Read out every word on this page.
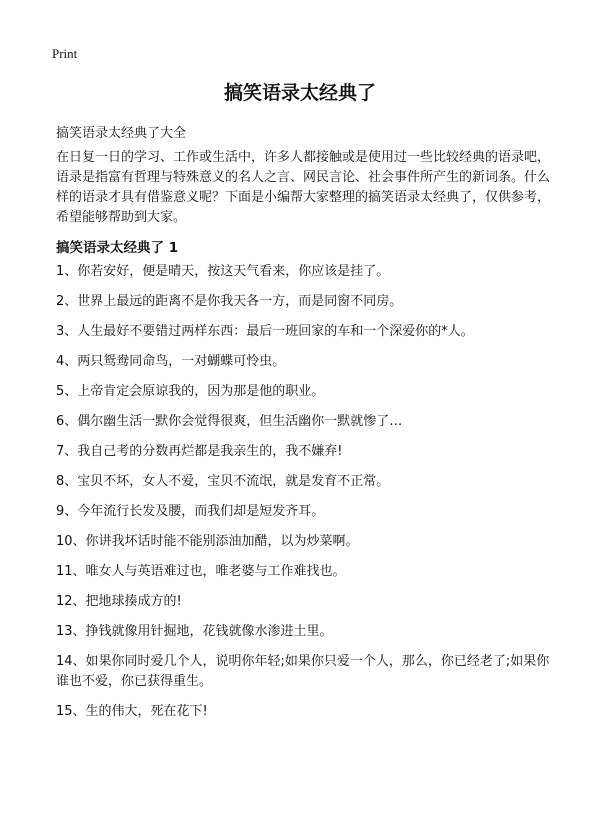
Print
搞笑语录太经典了

搞笑语录太经典了大全

在日复一日的学习、工作或生活中，许多人都接触或是使用过一些比较经典的语录吧，语录是指富有哲理与特殊意义的名人之言、网民言论、社会事件所产生的新词条。什么样的语录才具有借鉴意义呢？下面是小编帮大家整理的搞笑语录太经典了，仅供参考，希望能够帮助到大家。

搞笑语录太经典了 1
1、你若安好，便是晴天，按这天气看来，你应该是挂了。
2、世界上最远的距离不是你我天各一方，而是同窗不同房。
3、人生最好不要错过两样东西：最后一班回家的车和一个深爱你的*人。
4、两只鸳鸯同命鸟，一对蝴蝶可怜虫。
5、上帝肯定会原谅我的，因为那是他的职业。
6、偶尔幽生活一默你会觉得很爽，但生活幽你一默就惨了…
7、我自己考的分数再烂都是我亲生的，我不嫌弃!
8、宝贝不坏，女人不爱，宝贝不流氓，就是发育不正常。
9、今年流行长发及腰，而我们却是短发齐耳。
10、你讲我坏话时能不能别添油加醋，以为炒菜啊。
11、唯女人与英语难过也，唯老婆与工作难找也。
12、把地球揍成方的!
13、挣钱就像用针掘地，花钱就像水渗进土里。
14、如果你同时爱几个人，说明你年轻;如果你只爱一个人，那么，你已经老了;如果你谁也不爱，你已获得重生。
15、生的伟大，死在花下!
